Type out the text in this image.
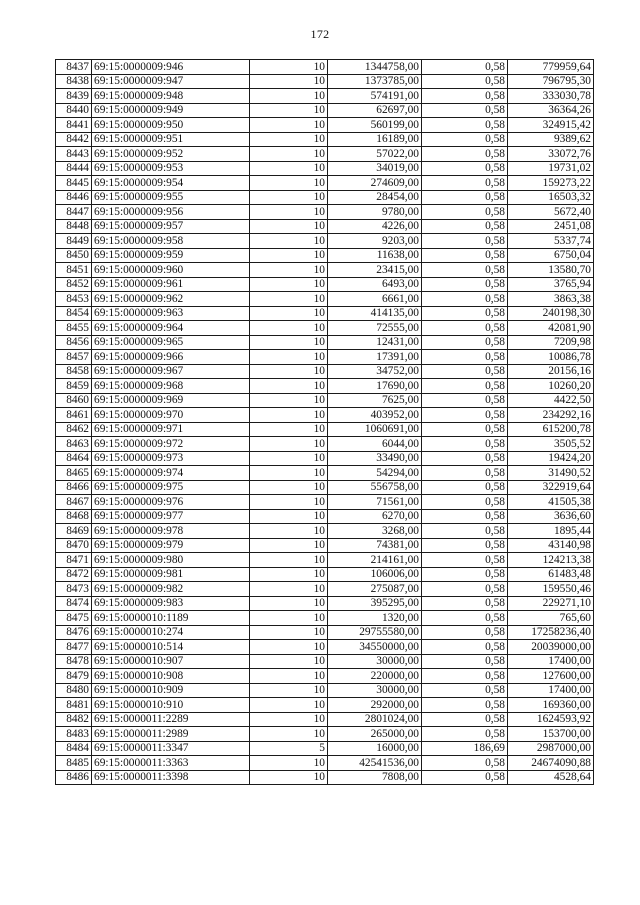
172
8437	69:15:0000009:946	10	1344758,00	0,58	779959,64
8438	69:15:0000009:947	10	1373785,00	0,58	796795,30
8439	69:15:0000009:948	10	574191,00	0,58	333030,78
8440	69:15:0000009:949	10	62697,00	0,58	36364,26
8441	69:15:0000009:950	10	560199,00	0,58	324915,42
8442	69:15:0000009:951	10	16189,00	0,58	9389,62
8443	69:15:0000009:952	10	57022,00	0,58	33072,76
8444	69:15:0000009:953	10	34019,00	0,58	19731,02
8445	69:15:0000009:954	10	274609,00	0,58	159273,22
8446	69:15:0000009:955	10	28454,00	0,58	16503,32
8447	69:15:0000009:956	10	9780,00	0,58	5672,40
8448	69:15:0000009:957	10	4226,00	0,58	2451,08
8449	69:15:0000009:958	10	9203,00	0,58	5337,74
8450	69:15:0000009:959	10	11638,00	0,58	6750,04
8451	69:15:0000009:960	10	23415,00	0,58	13580,70
8452	69:15:0000009:961	10	6493,00	0,58	3765,94
8453	69:15:0000009:962	10	6661,00	0,58	3863,38
8454	69:15:0000009:963	10	414135,00	0,58	240198,30
8455	69:15:0000009:964	10	72555,00	0,58	42081,90
8456	69:15:0000009:965	10	12431,00	0,58	7209,98
8457	69:15:0000009:966	10	17391,00	0,58	10086,78
8458	69:15:0000009:967	10	34752,00	0,58	20156,16
8459	69:15:0000009:968	10	17690,00	0,58	10260,20
8460	69:15:0000009:969	10	7625,00	0,58	4422,50
8461	69:15:0000009:970	10	403952,00	0,58	234292,16
8462	69:15:0000009:971	10	1060691,00	0,58	615200,78
8463	69:15:0000009:972	10	6044,00	0,58	3505,52
8464	69:15:0000009:973	10	33490,00	0,58	19424,20
8465	69:15:0000009:974	10	54294,00	0,58	31490,52
8466	69:15:0000009:975	10	556758,00	0,58	322919,64
8467	69:15:0000009:976	10	71561,00	0,58	41505,38
8468	69:15:0000009:977	10	6270,00	0,58	3636,60
8469	69:15:0000009:978	10	3268,00	0,58	1895,44
8470	69:15:0000009:979	10	74381,00	0,58	43140,98
8471	69:15:0000009:980	10	214161,00	0,58	124213,38
8472	69:15:0000009:981	10	106006,00	0,58	61483,48
8473	69:15:0000009:982	10	275087,00	0,58	159550,46
8474	69:15:0000009:983	10	395295,00	0,58	229271,10
8475	69:15:0000010:1189	10	1320,00	0,58	765,60
8476	69:15:0000010:274	10	29755580,00	0,58	17258236,40
8477	69:15:0000010:514	10	34550000,00	0,58	20039000,00
8478	69:15:0000010:907	10	30000,00	0,58	17400,00
8479	69:15:0000010:908	10	220000,00	0,58	127600,00
8480	69:15:0000010:909	10	30000,00	0,58	17400,00
8481	69:15:0000010:910	10	292000,00	0,58	169360,00
8482	69:15:0000011:2289	10	2801024,00	0,58	1624593,92
8483	69:15:0000011:2989	10	265000,00	0,58	153700,00
8484	69:15:0000011:3347	5	16000,00	186,69	2987000,00
8485	69:15:0000011:3363	10	42541536,00	0,58	24674090,88
8486	69:15:0000011:3398	10	7808,00	0,58	4528,64
